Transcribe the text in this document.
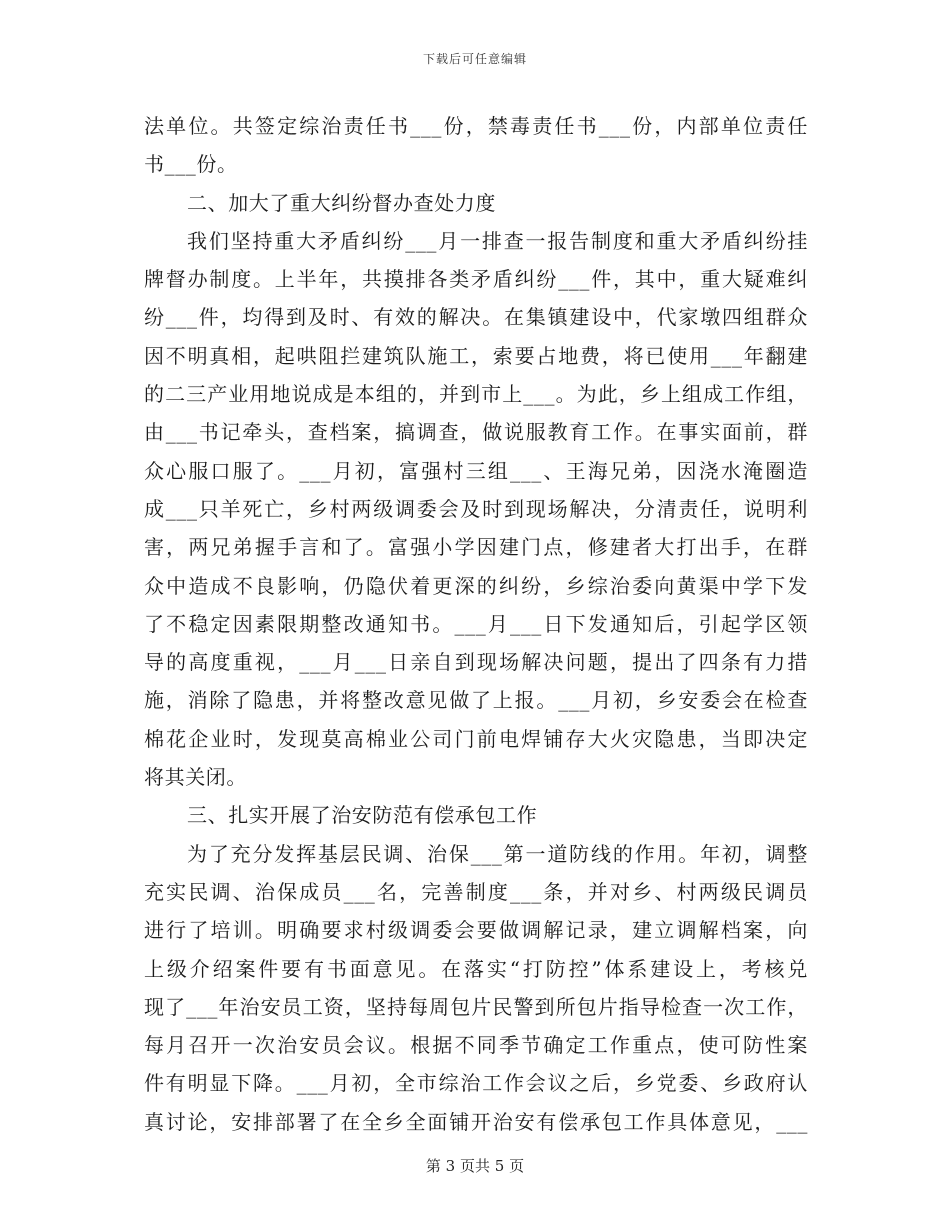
下载后可任意编辑
法单位。共签定综治责任书___份，禁毒责任书___份，内部单位责任
书___份。
二、加大了重大纠纷督办查处力度
我们坚持重大矛盾纠纷___月一排查一报告制度和重大矛盾纠纷挂
牌督办制度。上半年，共摸排各类矛盾纠纷___件，其中，重大疑难纠
纷___件，均得到及时、有效的解决。在集镇建设中，代家墩四组群众
因不明真相，起哄阻拦建筑队施工，索要占地费，将已使用___年翻建
的二三产业用地说成是本组的，并到市上___。为此，乡上组成工作组，
由___书记牵头，查档案，搞调查，做说服教育工作。在事实面前，群
众心服口服了。___月初，富强村三组___、王海兄弟，因浇水淹圈造
成___只羊死亡，乡村两级调委会及时到现场解决，分清责任，说明利
害，两兄弟握手言和了。富强小学因建门点，修建者大打出手，在群
众中造成不良影响，仍隐伏着更深的纠纷，乡综治委向黄渠中学下发
了不稳定因素限期整改通知书。___月___日下发通知后，引起学区领
导的高度重视，___月___日亲自到现场解决问题，提出了四条有力措
施，消除了隐患，并将整改意见做了上报。___月初，乡安委会在检查
棉花企业时，发现莫高棉业公司门前电焊铺存大火灾隐患，当即决定
将其关闭。
三、扎实开展了治安防范有偿承包工作
为了充分发挥基层民调、治保___第一道防线的作用。年初，调整
充实民调、治保成员___名，完善制度___条，并对乡、村两级民调员
进行了培训。明确要求村级调委会要做调解记录，建立调解档案，向
上级介绍案件要有书面意见。在落实“打防控”体系建设上，考核兑
现了___年治安员工资，坚持每周包片民警到所包片指导检查一次工作，
每月召开一次治安员会议。根据不同季节确定工作重点，使可防性案
件有明显下降。___月初，全市综治工作会议之后，乡党委、乡政府认
真讨论，安排部署了在全乡全面铺开治安有偿承包工作具体意见，___
第 3 页共 5 页
